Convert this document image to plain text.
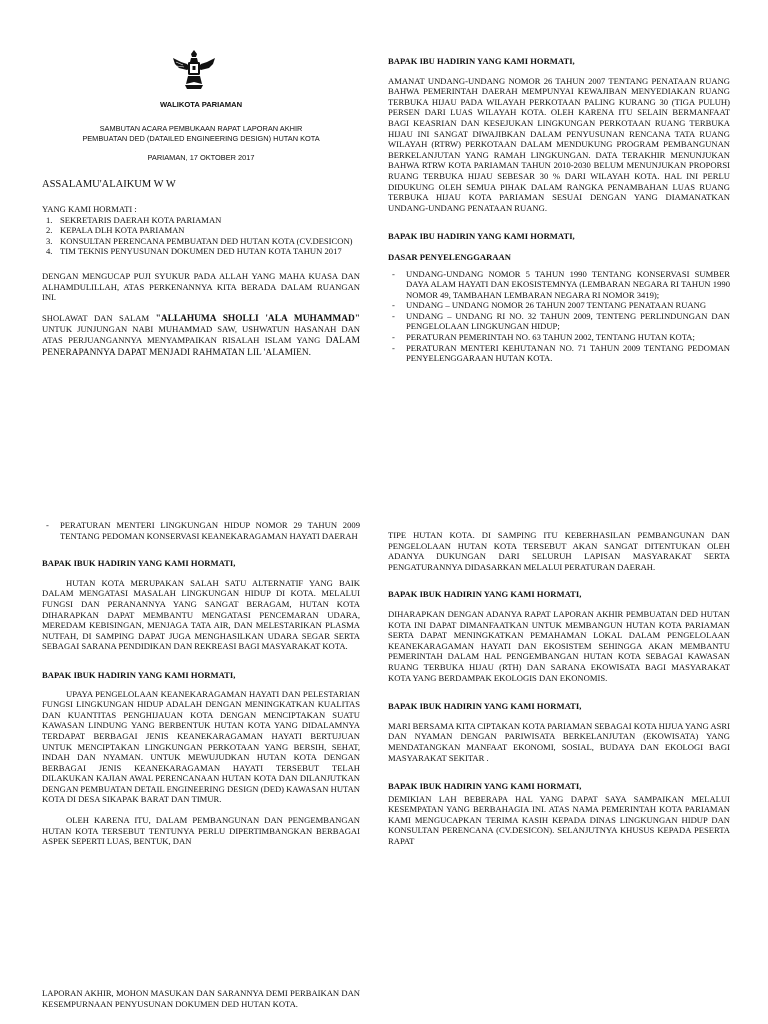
WALIKOTA PARIAMAN

SAMBUTAN ACARA PEMBUKAAN RAPAT LAPORAN AKHIR

PEMBUATAN DED (DATAILED ENGINEERING DESIGN) HUTAN KOTA

PARIAMAN, 17 OKTOBER 2017

ASSALAMU'ALAIKUM W W

YANG KAMI HORMATI :

1. SEKRETARIS DAERAH KOTA PARIAMAN
2. KEPALA DLH KOTA PARIAMAN
3. KONSULTAN PERENCANA PEMBUATAN DED HUTAN KOTA (CV.DESICON)
4. TIM TEKNIS PENYUSUNAN DOKUMEN DED HUTAN KOTA TAHUN 2017

DENGAN MENGUCAP PUJI SYUKUR PADA ALLAH YANG MAHA KUASA DAN ALHAMDULILLAH, ATAS PERKENANNYA KITA BERADA DALAM RUANGAN INI.

SHOLAWAT DAN SALAM "ALLAHUMA SHOLLI 'ALA MUHAMMAD" UNTUK JUNJUNGAN NABI MUHAMMAD SAW, USHWATUN HASANAH DAN ATAS PERJUANGANNYA MENYAMPAIKAN RISALAH ISLAM YANG DALAM PENERAPANNYA DAPAT MENJADI RAHMATAN LIL 'ALAMIEN.

BAPAK IBU HADIRIN YANG KAMI HORMATI,

AMANAT UNDANG-UNDANG NOMOR 26 TAHUN 2007 TENTANG PENATAAN RUANG BAHWA PEMERINTAH DAERAH MEMPUNYAI KEWAJIBAN MENYEDIAKAN RUANG TERBUKA HIJAU PADA WILAYAH PERKOTAAN PALING KURANG 30 (TIGA PULUH) PERSEN DARI LUAS WILAYAH KOTA. OLEH KARENA ITU SELAIN BERMANFAAT BAGI KEASRIAN DAN KESEJUKAN LINGKUNGAN PERKOTAAN RUANG TERBUKA HIJAU INI SANGAT DIWAJIBKAN DALAM PENYUSUNAN RENCANA TATA RUANG WILAYAH (RTRW) PERKOTAAN DALAM MENDUKUNG PROGRAM PEMBANGUNAN BERKELANJUTAN YANG RAMAH LINGKUNGAN. DATA TERAKHIR MENUNJUKAN BAHWA RTRW KOTA PARIAMAN TAHUN 2010-2030 BELUM MENUNJUKAN PROPORSI RUANG TERBUKA HIJAU SEBESAR 30 % DARI WILAYAH KOTA. HAL INI PERLU DIDUKUNG OLEH SEMUA PIHAK DALAM RANGKA PENAMBAHAN LUAS RUANG TERBUKA HIJAU KOTA PARIAMAN SESUAI DENGAN YANG DIAMANATKAN UNDANG-UNDANG PENATAAN RUANG.

BAPAK IBU HADIRIN YANG KAMI HORMATI,

DASAR PENYELENGGARAAN

- UNDANG-UNDANG NOMOR 5 TAHUN 1990 TENTANG KONSERVASI SUMBER DAYA ALAM HAYATI DAN EKOSISTEMNYA (LEMBARAN NEGARA RI TAHUN 1990 NOMOR 49, TAMBAHAN LEMBARAN NEGARA RI NOMOR 3419);
- UNDANG – UNDANG NOMOR 26 TAHUN 2007 TENTANG PENATAAN RUANG
- UNDANG – UNDANG RI NO. 32 TAHUN 2009, TENTENG PERLINDUNGAN DAN PENGELOLAAN LINGKUNGAN HIDUP;
- PERATURAN PEMERINTAH NO. 63 TAHUN 2002, TENTANG HUTAN KOTA;
- PERATURAN MENTERI KEHUTANAN NO. 71 TAHUN 2009 TENTANG PEDOMAN PENYELENGGARAAN HUTAN KOTA.
- PERATURAN MENTERI LINGKUNGAN HIDUP NOMOR 29 TAHUN 2009 TENTANG PEDOMAN KONSERVASI KEANEKARAGAMAN HAYATI DAERAH

BAPAK IBUK HADIRIN YANG KAMI HORMATI,

HUTAN KOTA MERUPAKAN SALAH SATU ALTERNATIF YANG BAIK DALAM MENGATASI MASALAH LINGKUNGAN HIDUP DI KOTA. MELALUI FUNGSI DAN PERANANNYA YANG SANGAT BERAGAM, HUTAN KOTA DIHARAPKAN DAPAT MEMBANTU MENGATASI PENCEMARAN UDARA, MEREDAM KEBISINGAN, MENJAGA TATA AIR, DAN MELESTARIKAN PLASMA NUTFAH, DI SAMPING DAPAT JUGA MENGHASILKAN UDARA SEGAR SERTA SEBAGAI SARANA PENDIDIKAN DAN REKREASI BAGI MASYARAKAT KOTA.

BAPAK IBUK HADIRIN YANG KAMI HORMATI,

UPAYA PENGELOLAAN KEANEKARAGAMAN HAYATI DAN PELESTARIAN FUNGSI LINGKUNGAN HIDUP ADALAH DENGAN MENINGKATKAN KUALITAS DAN KUANTITAS PENGHIJAUAN KOTA DENGAN MENCIPTAKAN SUATU KAWASAN LINDUNG YANG BERBENTUK HUTAN KOTA YANG DIDALAMNYA TERDAPAT BERBAGAI JENIS KEANEKARAGAMAN HAYATI BERTUJUAN UNTUK MENCIPTAKAN LINGKUNGAN PERKOTAAN YANG BERSIH, SEHAT, INDAH DAN NYAMAN. UNTUK MEWUJUDKAN HUTAN KOTA DENGAN BERBAGAI JENIS KEANEKARAGAMAN HAYATI TERSEBUT TELAH DILAKUKAN KAJIAN AWAL PERENCANAAN HUTAN KOTA DAN DILANJUTKAN DENGAN PEMBUATAN DETAIL ENGINEERING DESIGN (DED) KAWASAN HUTAN KOTA DI DESA SIKAPAK BARAT DAN TIMUR.

OLEH KARENA ITU, DALAM PEMBANGUNAN DAN PENGEMBANGAN HUTAN KOTA TERSEBUT TENTUNYA PERLU DIPERTIMBANGKAN BERBAGAI ASPEK SEPERTI LUAS, BENTUK, DAN

LAPORAN AKHIR, MOHON MASUKAN DAN SARANNYA DEMI PERBAIKAN DAN KESEMPURNAAN PENYUSUNAN DOKUMEN DED HUTAN KOTA.

TIPE HUTAN KOTA. DI SAMPING ITU KEBERHASILAN PEMBANGUNAN DAN PENGELOLAAN HUTAN KOTA TERSEBUT AKAN SANGAT DITENTUKAN OLEH ADANYA DUKUNGAN DARI SELURUH LAPISAN MASYARAKAT SERTA PENGATURANNYA DIDASARKAN MELALUI PERATURAN DAERAH.

BAPAK IBUK HADIRIN YANG KAMI HORMATI,

DIHARAPKAN DENGAN ADANYA RAPAT LAPORAN AKHIR PEMBUATAN DED HUTAN KOTA INI DAPAT DIMANFAATKAN UNTUK MEMBANGUN HUTAN KOTA PARIAMAN SERTA DAPAT MENINGKATKAN PEMAHAMAN LOKAL DALAM PENGELOLAAN KEANEKARAGAMAN HAYATI DAN EKOSISTEM SEHINGGA AKAN MEMBANTU PEMERINTAH DALAM HAL PENGEMBANGAN HUTAN KOTA SEBAGAI KAWASAN RUANG TERBUKA HIJAU (RTH) DAN SARANA EKOWISATA BAGI MASYARAKAT KOTA YANG BERDAMPAK EKOLOGIS DAN EKONOMIS.

BAPAK IBUK HADIRIN YANG KAMI HORMATI,

MARI BERSAMA KITA CIPTAKAN KOTA PARIAMAN SEBAGAI KOTA HIJUA YANG ASRI DAN NYAMAN DENGAN PARIWISATA BERKELANJUTAN (EKOWISATA) YANG MENDATANGKAN MANFAAT EKONOMI, SOSIAL, BUDAYA DAN EKOLOGI BAGI MASYARAKAT SEKITAR .

BAPAK IBUK HADIRIN YANG KAMI HORMATI,

DEMIKIAN LAH BEBERAPA HAL YANG DAPAT SAYA SAMPAIKAN MELALUI KESEMPATAN YANG BERBAHAGIA INI. ATAS NAMA PEMERINTAH KOTA PARIAMAN KAMI MENGUCAPKAN TERIMA KASIH KEPADA DINAS LINGKUNGAN HIDUP DAN KONSULTAN PERENCANA (CV.DESICON). SELANJUTNYA KHUSUS KEPADA PESERTA RAPAT
